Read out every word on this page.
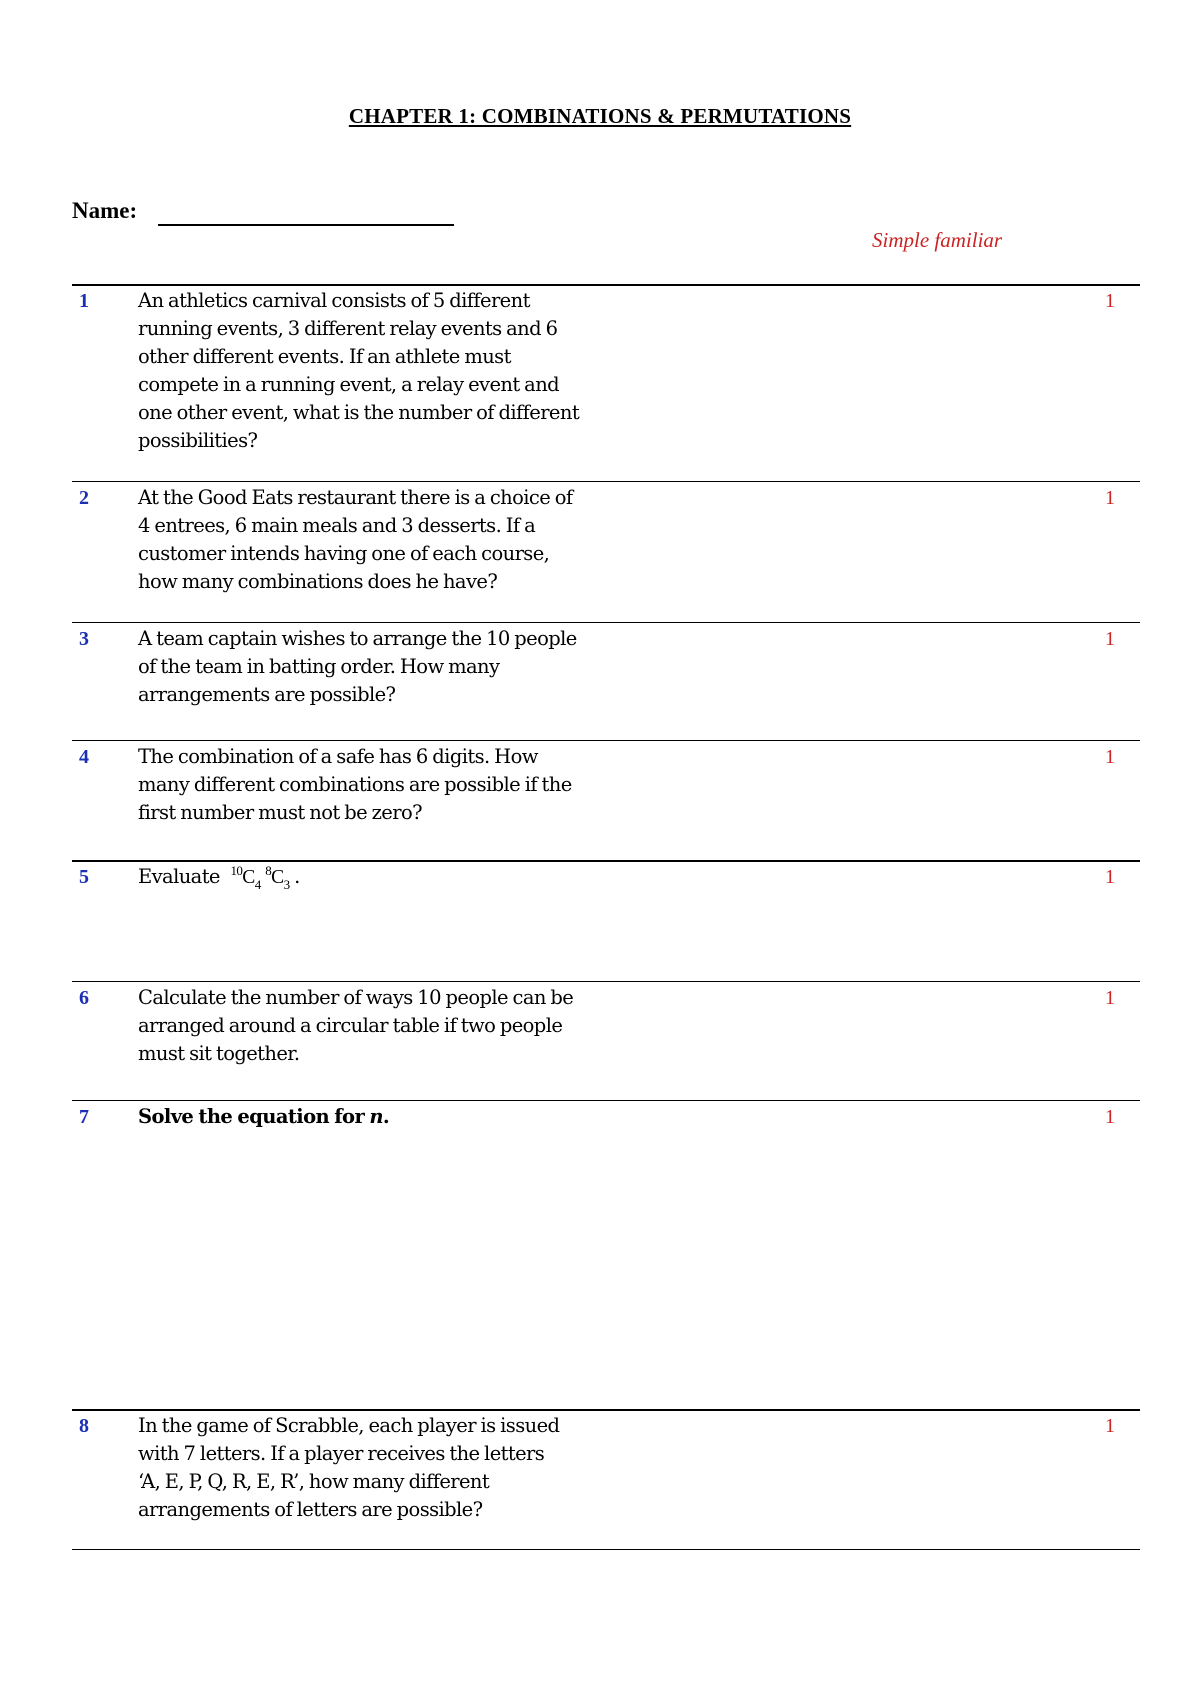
CHAPTER 1: COMBINATIONS & PERMUTATIONS
Name:
Simple familiar
1	An athletics carnival consists of 5 different
running events, 3 different relay events and 6
other different events. If an athlete must
compete in a running event, a relay event and
one other event, what is the number of different
possibilities?
1
2	At the Good Eats restaurant there is a choice of
4 entrees, 6 main meals and 3 desserts. If a
customer intends having one of each course,
how many combinations does he have?
1
3	A team captain wishes to arrange the 10 people
of the team in batting order. How many
arrangements are possible?
1
4	The combination of a safe has 6 digits. How
many different combinations are possible if the
first number must not be zero?
1
5	Evaluate $^{10}C_4$ $^8C_3$ .	1
6	Calculate the number of ways 10 people can be
arranged around a circular table if two people
must sit together.
1
7	Solve the equation for n.	1
8	In the game of Scrabble, each player is issued
with 7 letters. If a player receives the letters
‘A, E, P, Q, R, E, R’, how many different
arrangements of letters are possible?
1
